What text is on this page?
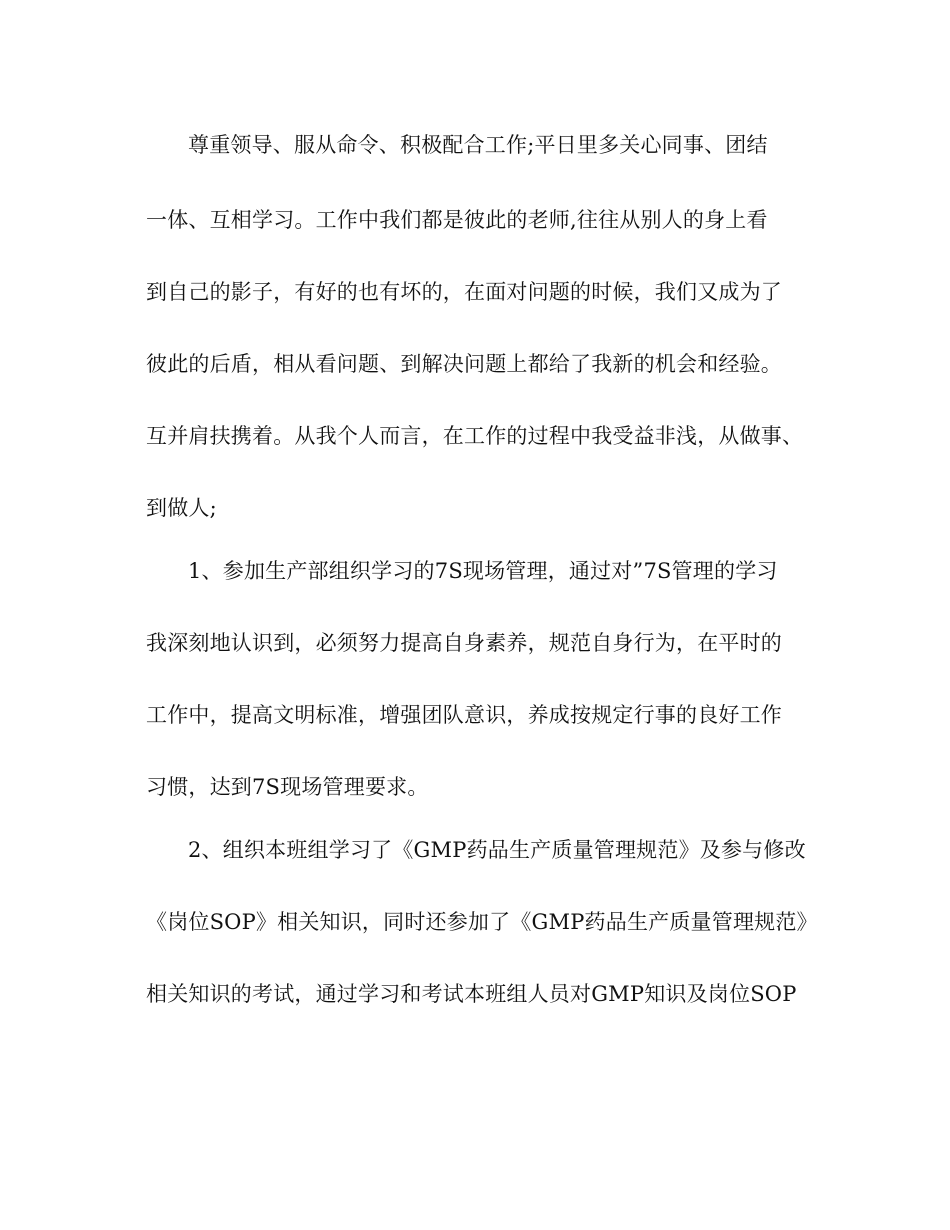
尊重领导、服从命令、积极配合工作;平日里多关心同事、团结
一体、互相学习。工作中我们都是彼此的老师,往往从别人的身上看
到自己的影子，有好的也有坏的，在面对问题的时候，我们又成为了
彼此的后盾，相从看问题、到解决问题上都给了我新的机会和经验。
互并肩扶携着。从我个人而言，在工作的过程中我受益非浅，从做事、
到做人;
1、参加生产部组织学习的7S现场管理，通过对”7S管理的学习
我深刻地认识到，必须努力提高自身素养，规范自身行为，在平时的
工作中，提高文明标准，增强团队意识，养成按规定行事的良好工作
习惯，达到7S现场管理要求。
2、组织本班组学习了《GMP药品生产质量管理规范》及参与修改
《岗位SOP》相关知识，同时还参加了《GMP药品生产质量管理规范》
相关知识的考试，通过学习和考试本班组人员对GMP知识及岗位SOP
